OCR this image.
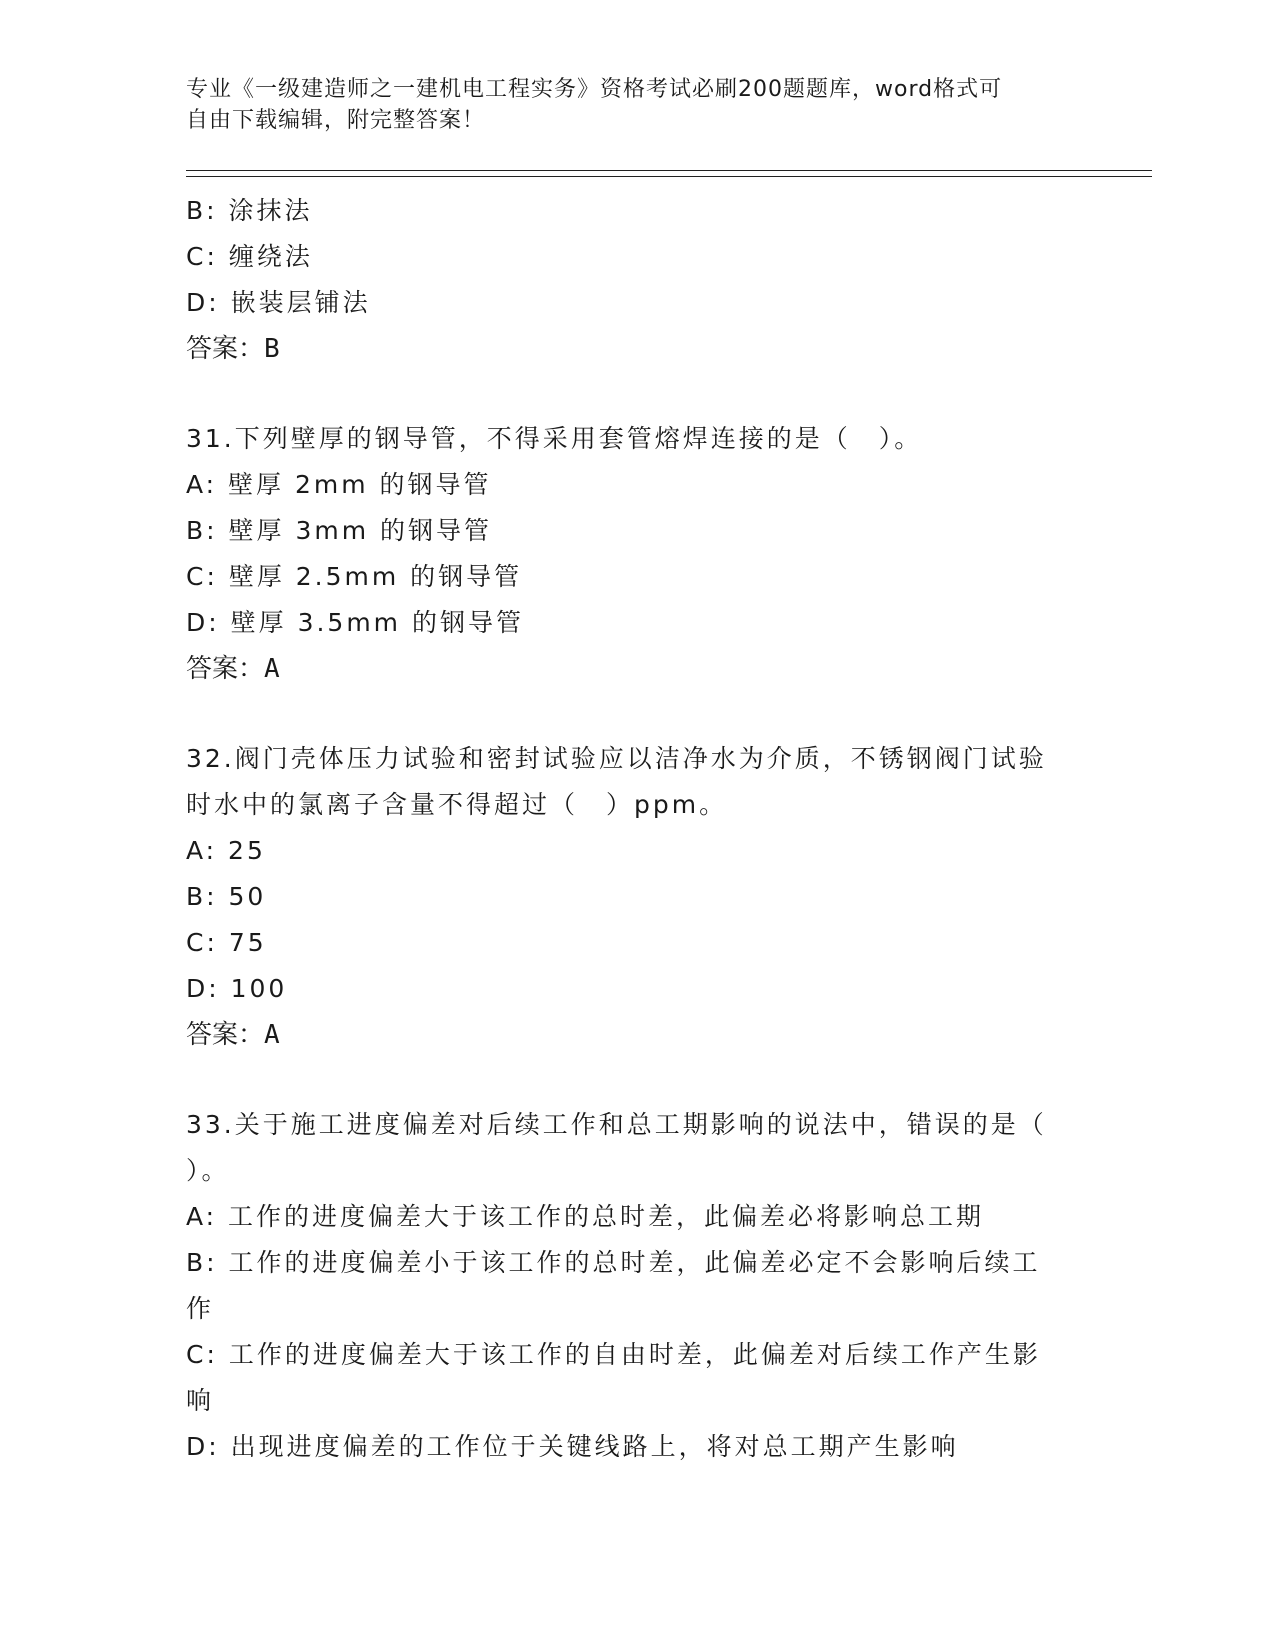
专业《一级建造师之一建机电工程实务》资格考试必刷200题题库，word格式可
自由下载编辑，附完整答案！
B: 涂抹法
C: 缠绕法
D: 嵌装层铺法
答案：B
31.下列壁厚的钢导管，不得采用套管熔焊连接的是（　）。
A: 壁厚 2mm 的钢导管
B: 壁厚 3mm 的钢导管
C: 壁厚 2.5mm 的钢导管
D: 壁厚 3.5mm 的钢导管
答案：A
32.阀门壳体压力试验和密封试验应以洁净水为介质，不锈钢阀门试验
时水中的氯离子含量不得超过（　）ppm。
A: 25
B: 50
C: 75
D: 100
答案：A
33.关于施工进度偏差对后续工作和总工期影响的说法中，错误的是（
）。
A: 工作的进度偏差大于该工作的总时差，此偏差必将影响总工期
B: 工作的进度偏差小于该工作的总时差，此偏差必定不会影响后续工
作
C: 工作的进度偏差大于该工作的自由时差，此偏差对后续工作产生影
响
D: 出现进度偏差的工作位于关键线路上，将对总工期产生影响
